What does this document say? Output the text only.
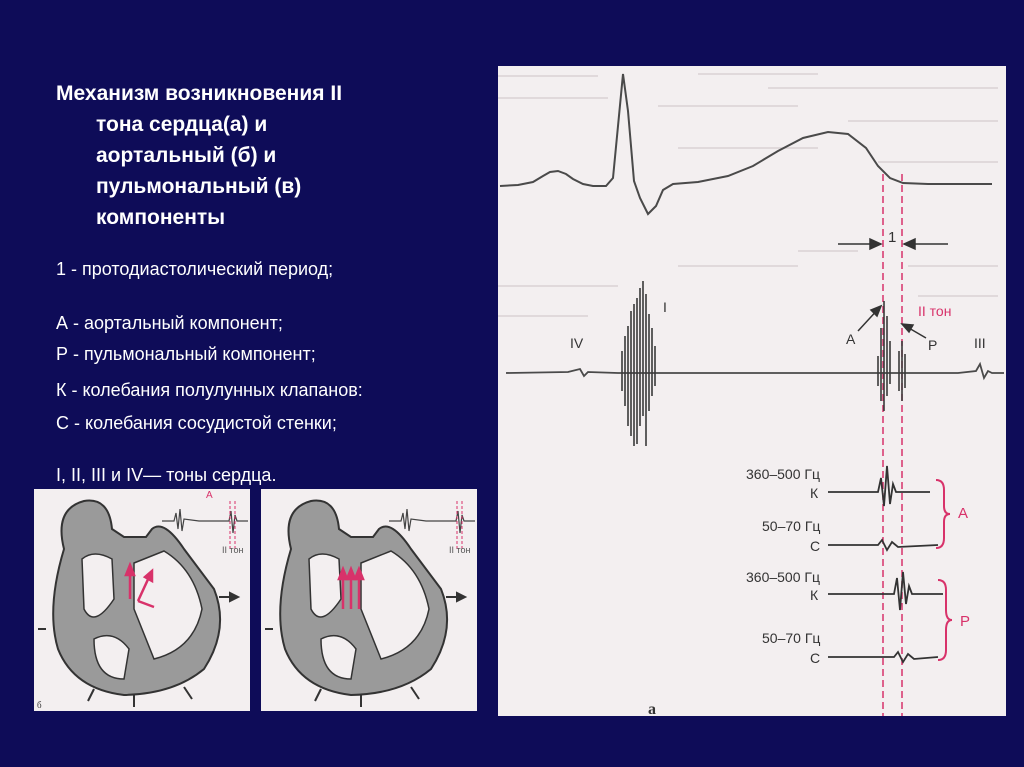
Механизм возникновения II
тона сердца(а) и
аортальный (б) и
пульмональный (в)
компоненты

1 - протодиастолический период;

А - аортальный компонент;

Р - пульмональный компонент;

К - колебания полулунных клапанов:

С - колебания сосудистой стенки;

I, II, III и IV— тоны сердца.

1
I
IV	III
A	P
II тон
360–500 Гц
К
50–70 Гц
С
360–500 Гц
К
50–70 Гц
С
А
Р
а
A
II тон
б
II тон
